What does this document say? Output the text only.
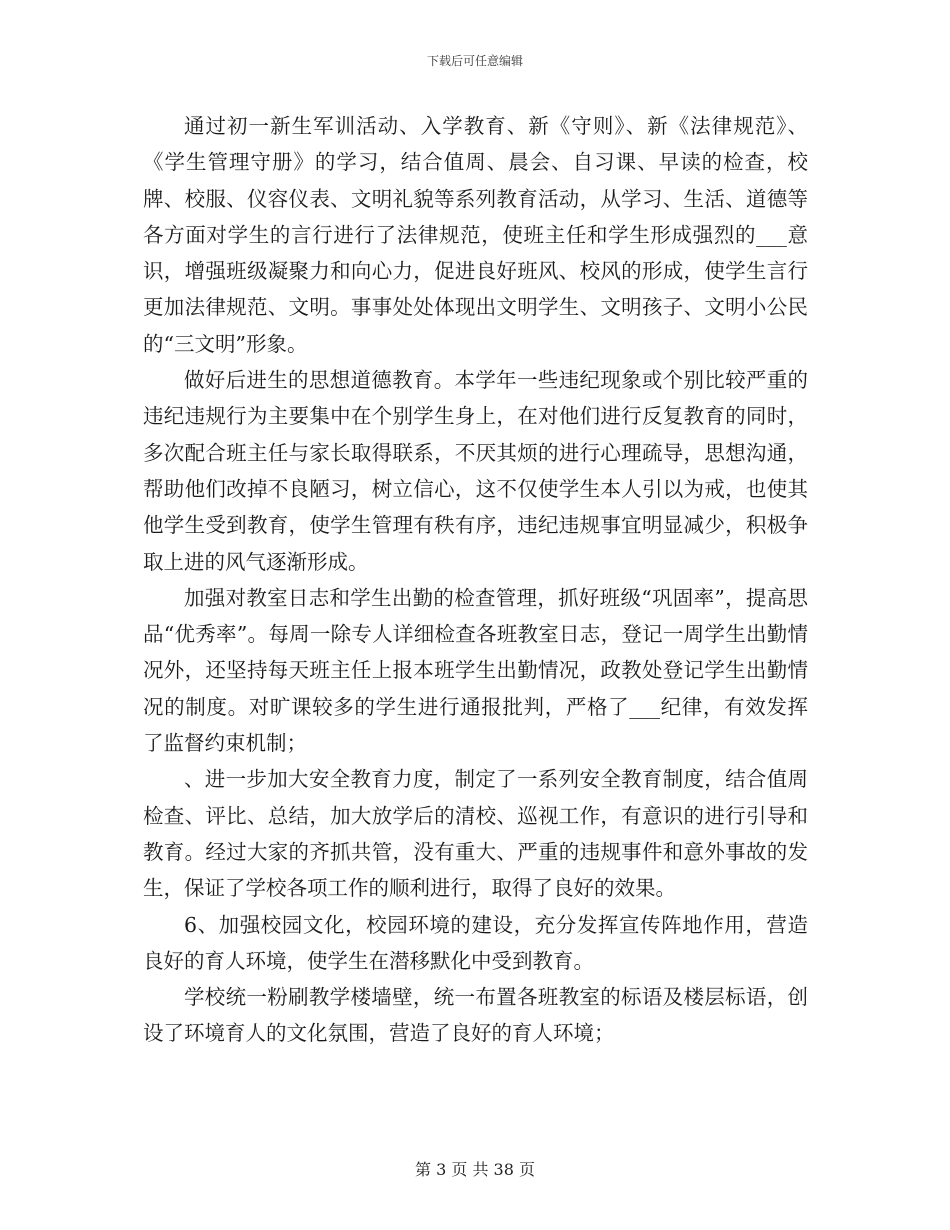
下载后可任意编辑

通过初一新生军训活动、入学教育、新《守则》、新《法律规范》、《学生管理守册》的学习，结合值周、晨会、自习课、早读的检查，校牌、校服、仪容仪表、文明礼貌等系列教育活动，从学习、生活、道德等各方面对学生的言行进行了法律规范，使班主任和学生形成强烈的___意识，增强班级凝聚力和向心力，促进良好班风、校风的形成，使学生言行更加法律规范、文明。事事处处体现出文明学生、文明孩子、文明小公民的“三文明”形象。

做好后进生的思想道德教育。本学年一些违纪现象或个别比较严重的违纪违规行为主要集中在个别学生身上，在对他们进行反复教育的同时，多次配合班主任与家长取得联系，不厌其烦的进行心理疏导，思想沟通，帮助他们改掉不良陋习，树立信心，这不仅使学生本人引以为戒，也使其他学生受到教育，使学生管理有秩有序，违纪违规事宜明显减少，积极争取上进的风气逐渐形成。

加强对教室日志和学生出勤的检查管理，抓好班级“巩固率”，提高思品“优秀率”。每周一除专人详细检查各班教室日志，登记一周学生出勤情况外，还坚持每天班主任上报本班学生出勤情况，政教处登记学生出勤情况的制度。对旷课较多的学生进行通报批判，严格了___纪律，有效发挥了监督约束机制；

、进一步加大安全教育力度，制定了一系列安全教育制度，结合值周检查、评比、总结，加大放学后的清校、巡视工作，有意识的进行引导和教育。经过大家的齐抓共管，没有重大、严重的违规事件和意外事故的发生，保证了学校各项工作的顺利进行，取得了良好的效果。

6、加强校园文化，校园环境的建设，充分发挥宣传阵地作用，营造良好的育人环境，使学生在潜移默化中受到教育。

学校统一粉刷教学楼墙壁，统一布置各班教室的标语及楼层标语，创设了环境育人的文化氛围，营造了良好的育人环境；

第 3 页 共 38 页
